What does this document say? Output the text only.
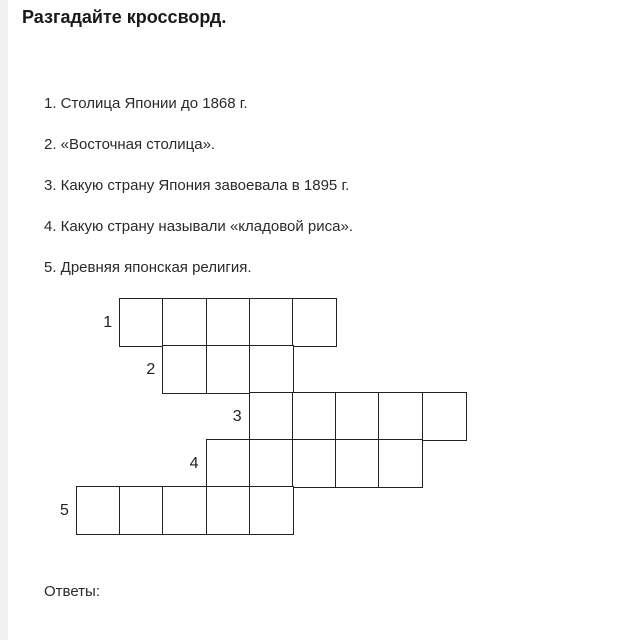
Разгадайте кроссворд.
1. Столица Японии до 1868 г.
2. «Восточная столица».
3. Какую страну Япония завоевала в 1895 г.
4. Какую страну называли «кладовой риса».
5. Древняя японская религия.
1
2
3
4
5
Ответы:
